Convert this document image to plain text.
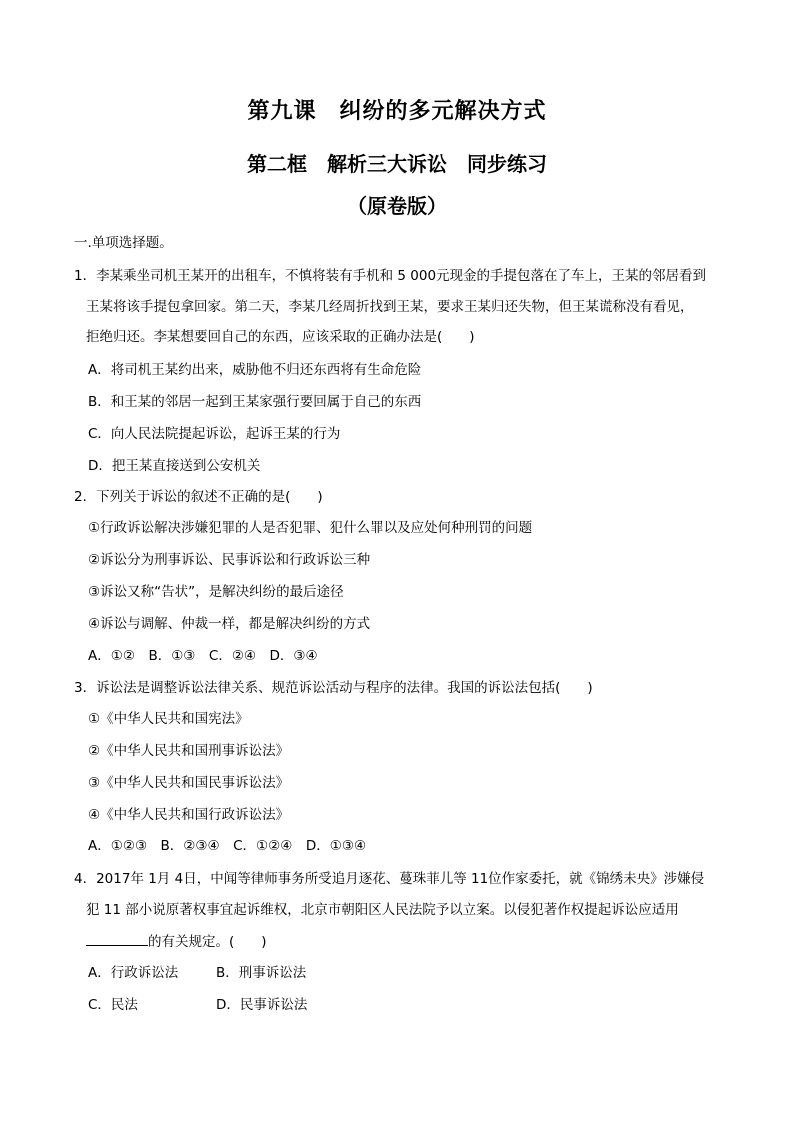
第九课　纠纷的多元解决方式
第二框　解析三大诉讼　同步练习
（原卷版）
一.单项选择题。
1．李某乘坐司机王某开的出租车，不慎将装有手机和 5 000元现金的手提包落在了车上，王某的邻居看到
王某将该手提包拿回家。第二天，李某几经周折找到王某，要求王某归还失物，但王某谎称没有看见，
拒绝归还。李某想要回自己的东西，应该采取的正确办法是(　　)
A．将司机王某约出来，威胁他不归还东西将有生命危险
B．和王某的邻居一起到王某家强行要回属于自己的东西
C．向人民法院提起诉讼，起诉王某的行为
D．把王某直接送到公安机关
2．下列关于诉讼的叙述不正确的是(　　)
①行政诉讼解决涉嫌犯罪的人是否犯罪、犯什么罪以及应处何种刑罚的问题
②诉讼分为刑事诉讼、民事诉讼和行政诉讼三种
③诉讼又称“告状”，是解决纠纷的最后途径
④诉讼与调解、仲裁一样，都是解决纠纷的方式
A．①②　B．①③　C．②④　D．③④
3．诉讼法是调整诉讼法律关系、规范诉讼活动与程序的法律。我国的诉讼法包括(　　)
①《中华人民共和国宪法》
②《中华人民共和国刑事诉讼法》
③《中华人民共和国民事诉讼法》
④《中华人民共和国行政诉讼法》
A．①②③　B．②③④　C．①②④　D．①③④
4．2017年 1月 4日，中闻等律师事务所受追月逐花、蔓珠菲儿等 11位作家委托，就《锦绣未央》涉嫌侵
犯 11 部小说原著权事宜起诉维权，北京市朝阳区人民法院予以立案。以侵犯著作权提起诉讼应适用
的有关规定。(　　)
A．行政诉讼法	B．刑事诉讼法
C．民法	D．民事诉讼法
